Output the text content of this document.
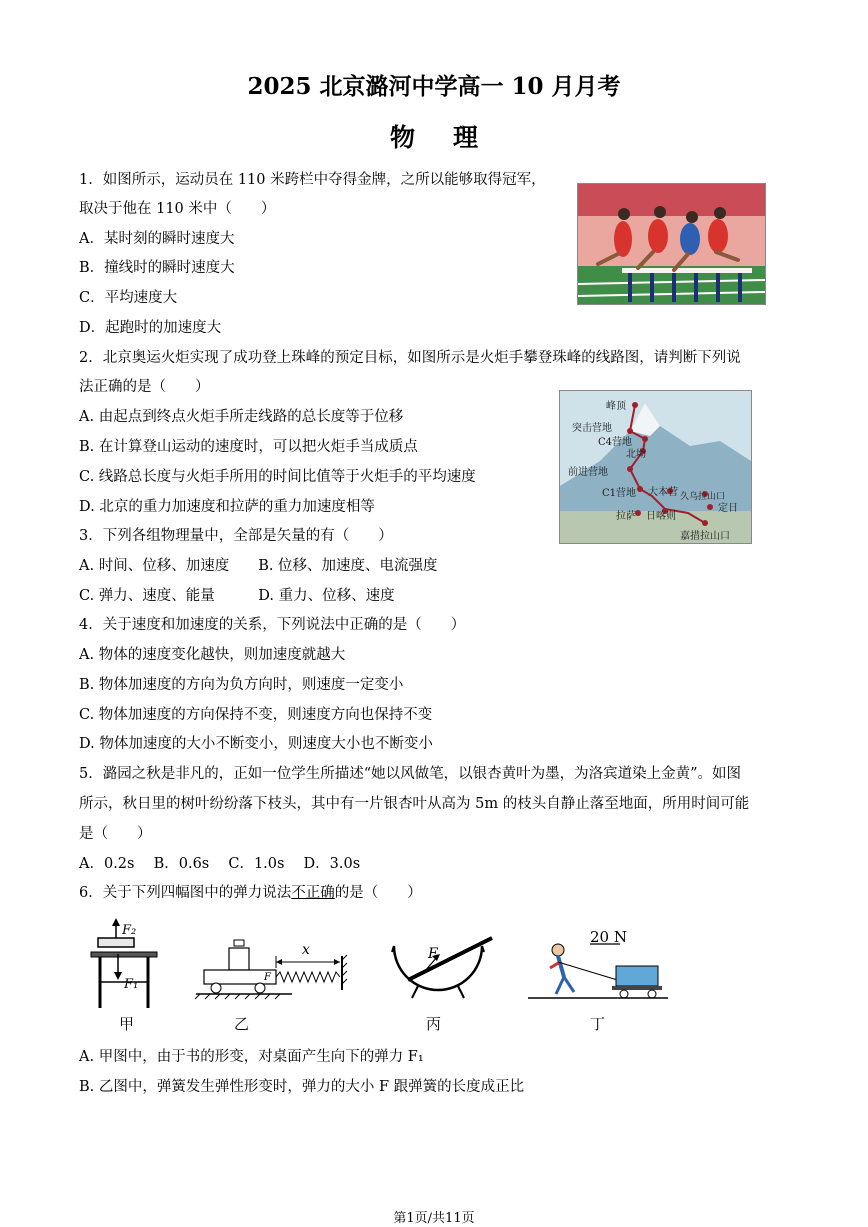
2025 北京潞河中学高一 10 月月考
物理
1．如图所示，运动员在 110 米跨栏中夺得金牌，之所以能够取得冠军，
取决于他在 110 米中（　　）
A．某时刻的瞬时速度大
B．撞线时的瞬时速度大
C．平均速度大
D．起跑时的加速度大
2．北京奥运火炬实现了成功登上珠峰的预定目标，如图所示是火炬手攀登珠峰的线路图，请判断下列说
法正确的是（　　）
A. 由起点到终点火炬手所走线路的总长度等于位移
B. 在计算登山运动的速度时，可以把火炬手当成质点
C. 线路总长度与火炬手所用的时间比值等于火炬手的平均速度
D. 北京的重力加速度和拉萨的重力加速度相等
峰顶
突击营地
C4营地
北坳
前进营地
C1营地 大本营 久乌拉山口
定日
拉萨 日喀则
嘉措拉山口
3．下列各组物理量中，全部是矢量的有（　　）
A. 时间、位移、加速度　　B. 位移、加速度、电流强度
C. 弹力、速度、能量　　　D. 重力、位移、速度
4．关于速度和加速度的关系，下列说法中正确的是（　　）
A. 物体的速度变化越快，则加速度就越大
B. 物体加速度的方向为负方向时，则速度一定变小
C. 物体加速度的方向保持不变，则速度方向也保持不变
D. 物体加速度的大小不断变小，则速度大小也不断变小
5．潞园之秋是非凡的，正如一位学生所描述“她以风做笔，以银杏黄叶为墨，为洛宾道染上金黄”。如图
所示，秋日里的树叶纷纷落下枝头，其中有一片银杏叶从高为 5m 的枝头自静止落至地面，所用时间可能
是（　　）
A．0.2s　 B．0.6s　 C．1.0s　 D．3.0s
6．关于下列四幅图中的弹力说法不正确的是（　　）
F₂
F₁
x
F
F
20 N
甲	乙	丙	丁
A. 甲图中，由于书的形变，对桌面产生向下的弹力 F₁
B. 乙图中，弹簧发生弹性形变时，弹力的大小 F 跟弹簧的长度成正比
第1页/共11页
